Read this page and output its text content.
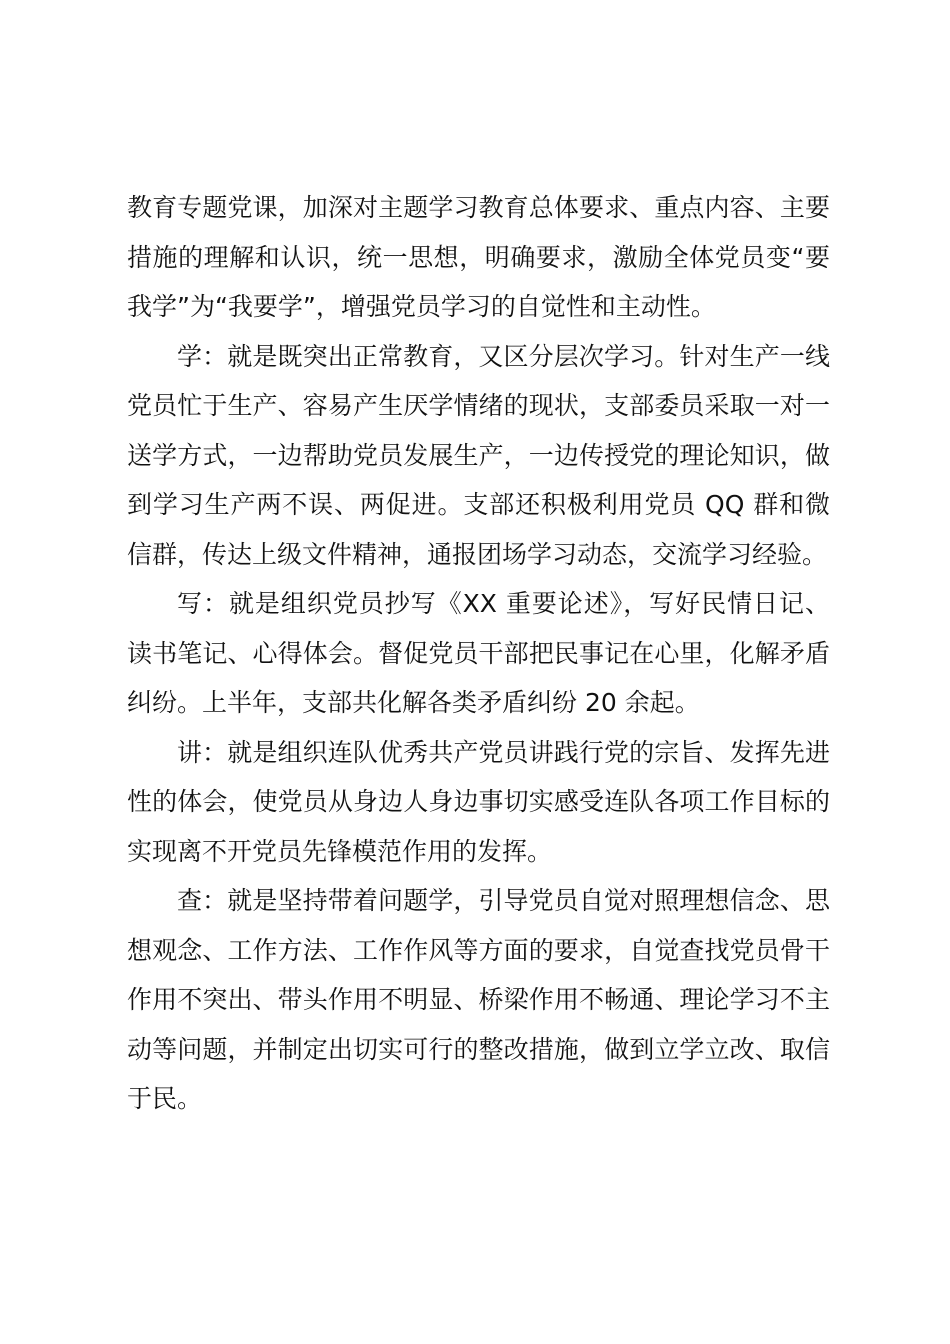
教育专题党课，加深对主题学习教育总体要求、重点内容、主要措施的理解和认识，统一思想，明确要求，激励全体党员变“要我学”为“我要学”，增强党员学习的自觉性和主动性。

学：就是既突出正常教育，又区分层次学习。针对生产一线党员忙于生产、容易产生厌学情绪的现状，支部委员采取一对一送学方式，一边帮助党员发展生产，一边传授党的理论知识，做到学习生产两不误、两促进。支部还积极利用党员 QQ 群和微信群，传达上级文件精神，通报团场学习动态，交流学习经验。

写：就是组织党员抄写《XX 重要论述》，写好民情日记、读书笔记、心得体会。督促党员干部把民事记在心里，化解矛盾纠纷。上半年，支部共化解各类矛盾纠纷 20 余起。

讲：就是组织连队优秀共产党员讲践行党的宗旨、发挥先进性的体会，使党员从身边人身边事切实感受连队各项工作目标的实现离不开党员先锋模范作用的发挥。

查：就是坚持带着问题学，引导党员自觉对照理想信念、思想观念、工作方法、工作作风等方面的要求，自觉查找党员骨干作用不突出、带头作用不明显、桥梁作用不畅通、理论学习不主动等问题，并制定出切实可行的整改措施，做到立学立改、取信于民。
